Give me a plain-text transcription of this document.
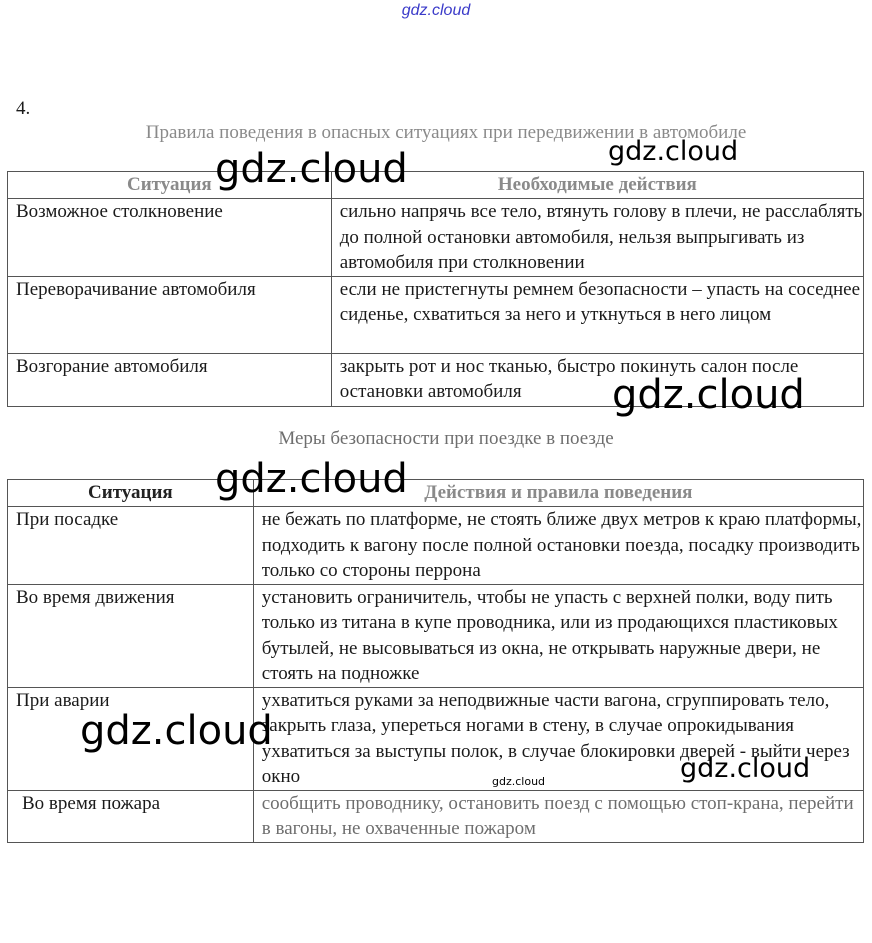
gdz.cloud
4.
Правила поведения в опасных ситуациях при передвижении в автомобиле
Ситуация	Необходимые действия
Возможное столкновение	сильно напрячь все тело, втянуть голову в плечи, не расслаблять до полной остановки автомобиля, нельзя выпрыгивать из автомобиля при столкновении
Переворачивание автомобиля	если не пристегнуты ремнем безопасности – упасть на соседнее сиденье, схватиться за него и уткнуться в него лицом
Возгорание автомобиля	закрыть рот и нос тканью, быстро покинуть салон после остановки автомобиля
Меры безопасности при поездке в поезде
Ситуация	Действия и правила поведения
При посадке	не бежать по платформе, не стоять ближе двух метров к краю платформы, подходить к вагону после полной остановки поезда, посадку производить только со стороны перрона
Во время движения	установить ограничитель, чтобы не упасть с верхней полки, воду пить только из титана в купе проводника, или из продающихся пластиковых бутылей, не высовываться из окна, не открывать наружные двери, не стоять на подножке
При аварии	ухватиться руками за неподвижные части вагона, сгруппировать тело, закрыть глаза, упереться ногами в стену, в случае опрокидывания ухватиться за выступы полок, в случае блокировки дверей - выйти через окно
Во время пожара	сообщить проводнику, остановить поезд с помощью стоп-крана, перейти в вагоны, не охваченные пожаром
gdz.cloud	gdz.cloud
gdz.cloud
gdz.cloud
gdz.cloud
gdz.cloud
gdz.cloud
